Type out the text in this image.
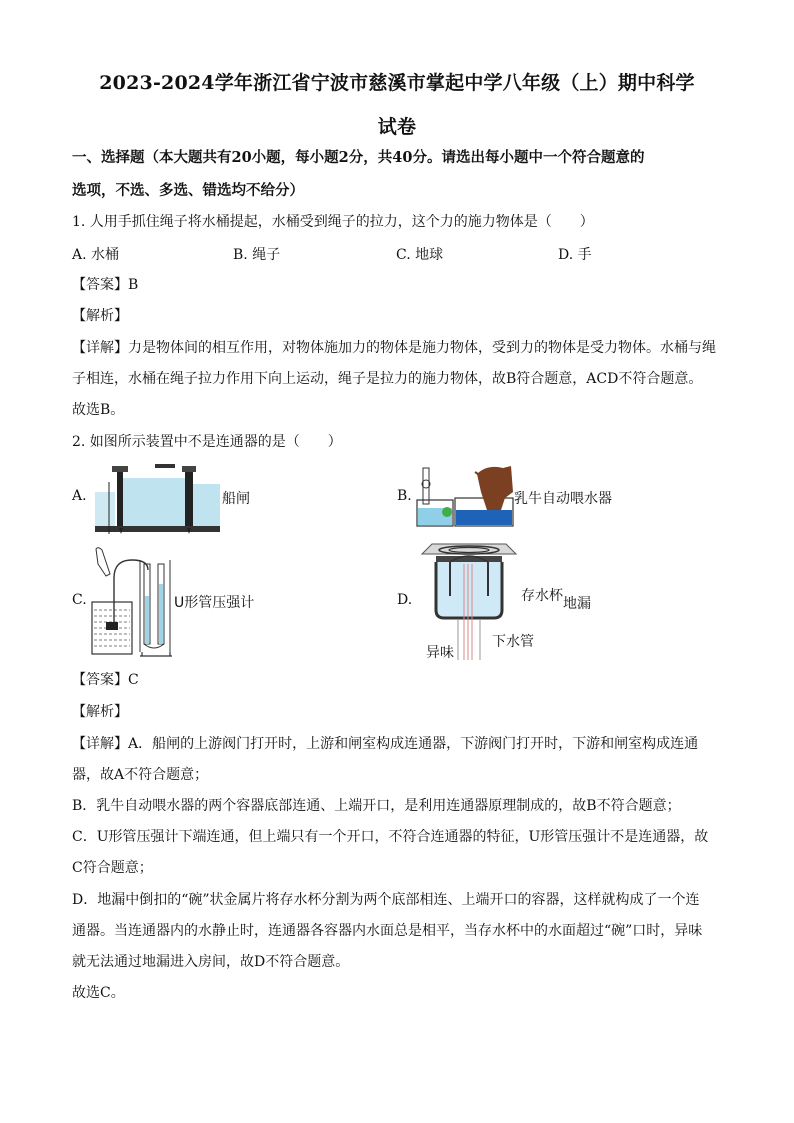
2023-2024学年浙江省宁波市慈溪市掌起中学八年级（上）期中科学
试卷
一、选择题（本大题共有20小题，每小题2分，共40分。请选出每小题中一个符合题意的
选项，不选、多选、错选均不给分）
1. 人用手抓住绳子将水桶提起，水桶受到绳子的拉力，这个力的施力物体是（　　）
A. 水桶	B. 绳子	C. 地球	D. 手
【答案】B
【解析】
【详解】力是物体间的相互作用，对物体施加力的物体是施力物体，受到力的物体是受力物体。水桶与绳
子相连，水桶在绳子拉力作用下向上运动，绳子是拉力的施力物体，故B符合题意，ACD不符合题意。
故选B。
2. 如图所示装置中不是连通器的是（　　）
A.	船闸	B.	乳牛自动喂水器
C.	U形管压强计	D.	存水杯 地漏
下水管
异味
【答案】C
【解析】
【详解】A．船闸的上游阀门打开时，上游和闸室构成连通器，下游阀门打开时，下游和闸室构成连通
器，故A不符合题意；
B．乳牛自动喂水器的两个容器底部连通、上端开口，是利用连通器原理制成的，故B不符合题意；
C．U形管压强计下端连通，但上端只有一个开口，不符合连通器的特征，U形管压强计不是连通器，故
C符合题意；
D．地漏中倒扣的“碗”状金属片将存水杯分割为两个底部相连、上端开口的容器，这样就构成了一个连
通器。当连通器内的水静止时，连通器各容器内水面总是相平，当存水杯中的水面超过“碗”口时，异味
就无法通过地漏进入房间，故D不符合题意。
故选C。
